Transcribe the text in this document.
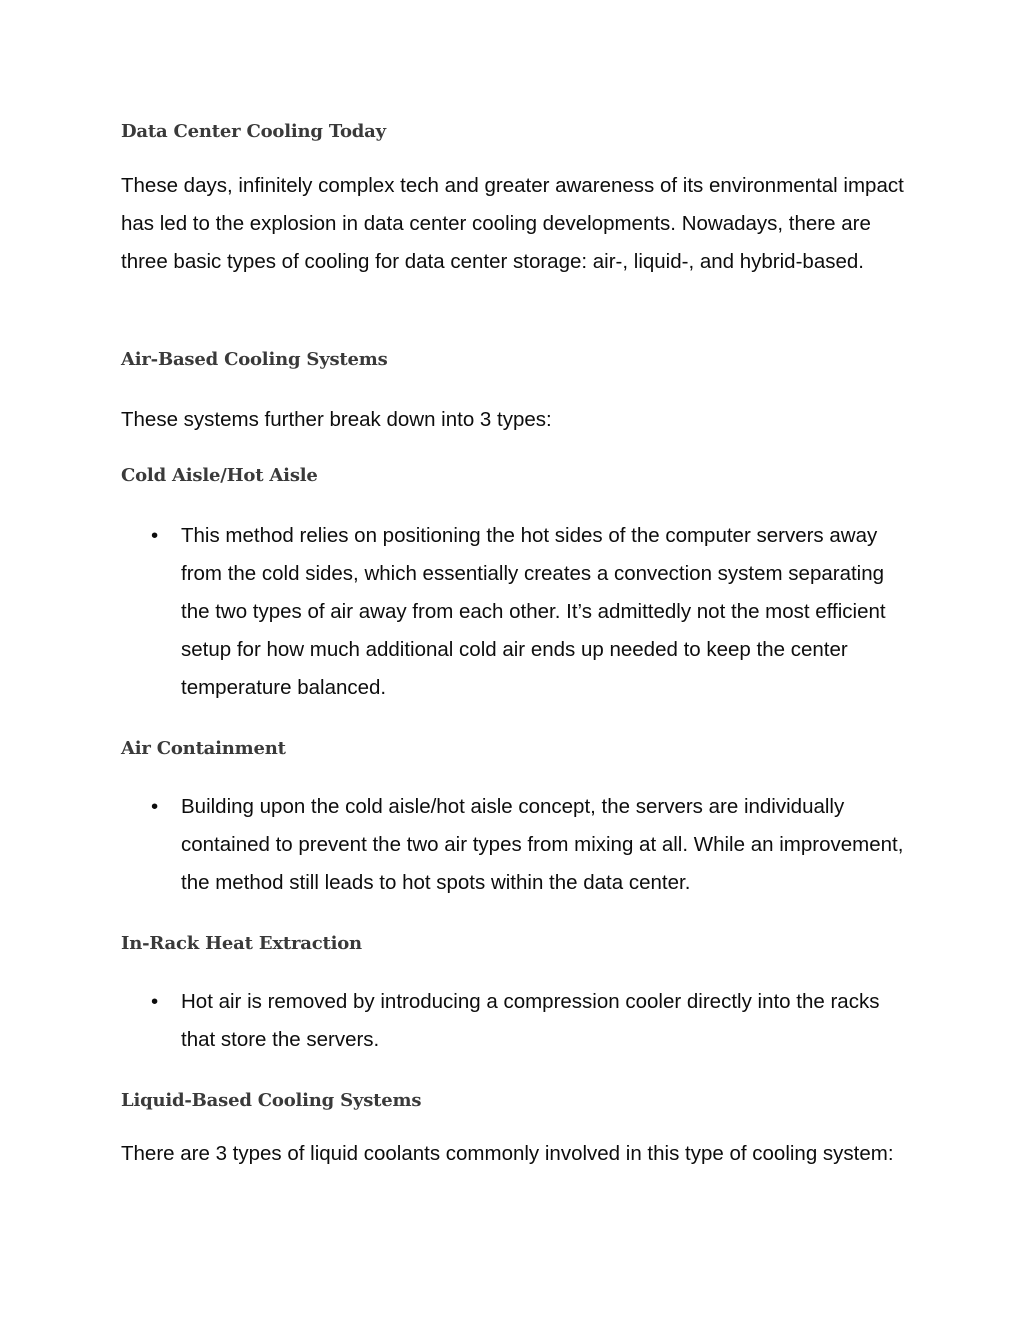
Data Center Cooling Today

These days, infinitely complex tech and greater awareness of its environmental impact has led to the explosion in data center cooling developments. Nowadays, there are three basic types of cooling for data center storage: air-, liquid-, and hybrid-based.

Air-Based Cooling Systems

These systems further break down into 3 types:

Cold Aisle/Hot Aisle
• This method relies on positioning the hot sides of the computer servers away from the cold sides, which essentially creates a convection system separating the two types of air away from each other. It’s admittedly not the most efficient setup for how much additional cold air ends up needed to keep the center temperature balanced.

Air Containment
• Building upon the cold aisle/hot aisle concept, the servers are individually contained to prevent the two air types from mixing at all. While an improvement, the method still leads to hot spots within the data center.

In-Rack Heat Extraction
• Hot air is removed by introducing a compression cooler directly into the racks that store the servers.

Liquid-Based Cooling Systems

There are 3 types of liquid coolants commonly involved in this type of cooling system:
